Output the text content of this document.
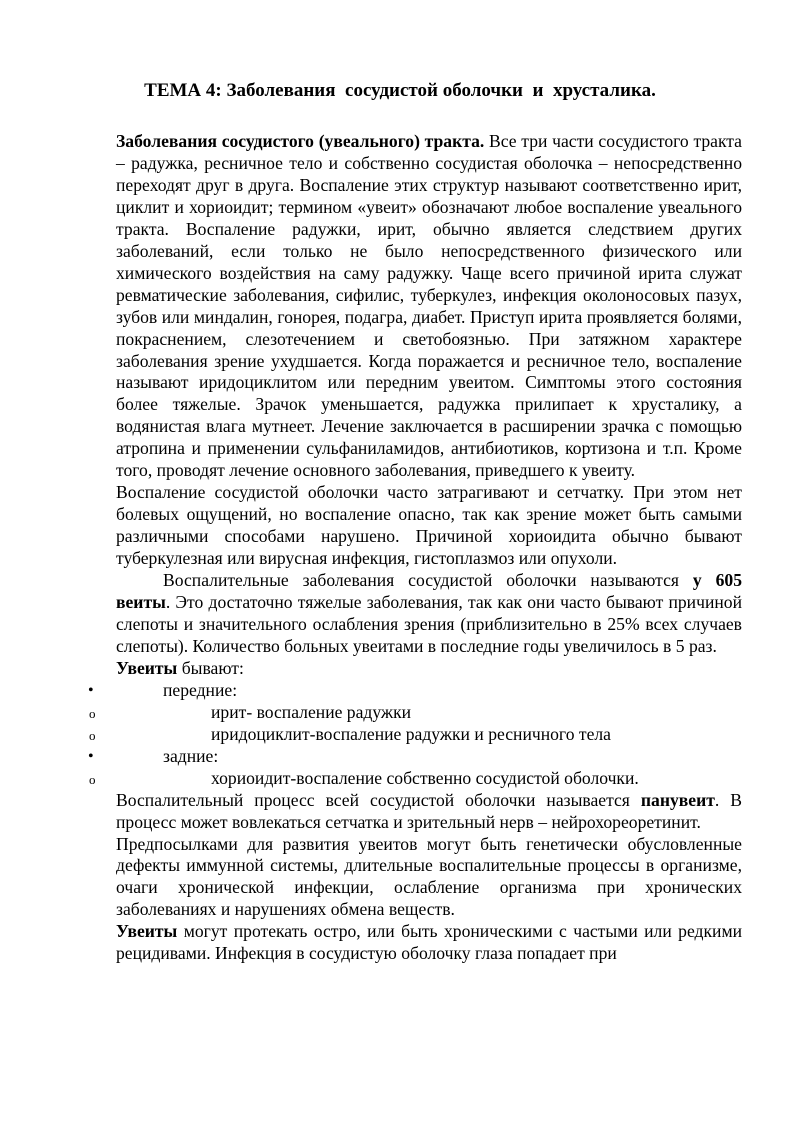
ТЕМА 4: Заболевания  сосудистой оболочки  и  хрусталика.

Заболевания сосудистого (увеального) тракта. Все три части сосудистого тракта – радужка, ресничное тело и собственно сосудистая оболочка – непосредственно переходят друг в друга. Воспаление этих структур называют соответственно ирит, циклит и хориоидит; термином «увеит» обозначают любое воспаление увеального тракта. Воспаление радужки, ирит, обычно является следствием других заболеваний, если только не было непосредственного физического или химического воздействия на саму радужку. Чаще всего причиной ирита служат ревматические заболевания, сифилис, туберкулез, инфекция околоносовых пазух, зубов или миндалин, гонорея, подагра, диабет. Приступ ирита проявляется болями, покраснением, слезотечением и светобоязнью. При затяжном характере заболевания зрение ухудшается. Когда поражается и ресничное тело, воспаление называют иридоциклитом или передним увеитом. Симптомы этого состояния более тяжелые. Зрачок уменьшается, радужка прилипает к хрусталику, а водянистая влага мутнеет. Лечение заключается в расширении зрачка с помощью атропина и применении сульфаниламидов, антибиотиков, кортизона и т.п. Кроме того, проводят лечение основного заболевания, приведшего к увеиту.

Воспаление сосудистой оболочки часто затрагивают и сетчатку. При этом нет болевых ощущений, но воспаление опасно, так как зрение может быть самыми различными способами нарушено. Причиной хориоидита обычно бывают туберкулезная или вирусная инфекция, гистоплазмоз или опухоли.

Воспалительные заболевания сосудистой оболочки называются у 605 веиты. Это достаточно тяжелые заболевания, так как они часто бывают причиной слепоты и значительного ослабления зрения (приблизительно в 25% всех случаев слепоты). Количество больных увеитами в последние годы увеличилось в 5 раз.

Увеиты бывают:

•	передние:
o	ирит- воспаление радужки
o	иридоциклит-воспаление радужки и ресничного тела
•	задние:
o	хориоидит-воспаление собственно сосудистой оболочки.

Воспалительный процесс всей сосудистой оболочки называется панувеит. В процесс может вовлекаться сетчатка и зрительный нерв – нейрохореоретинит.

Предпосылками для развития увеитов могут быть генетически обусловленные дефекты иммунной системы, длительные воспалительные процессы в организме, очаги хронической инфекции, ослабление организма при хронических заболеваниях и нарушениях обмена веществ.

Увеиты могут протекать остро, или быть хроническими с частыми или редкими рецидивами. Инфекция в сосудистую оболочку глаза попадает при
